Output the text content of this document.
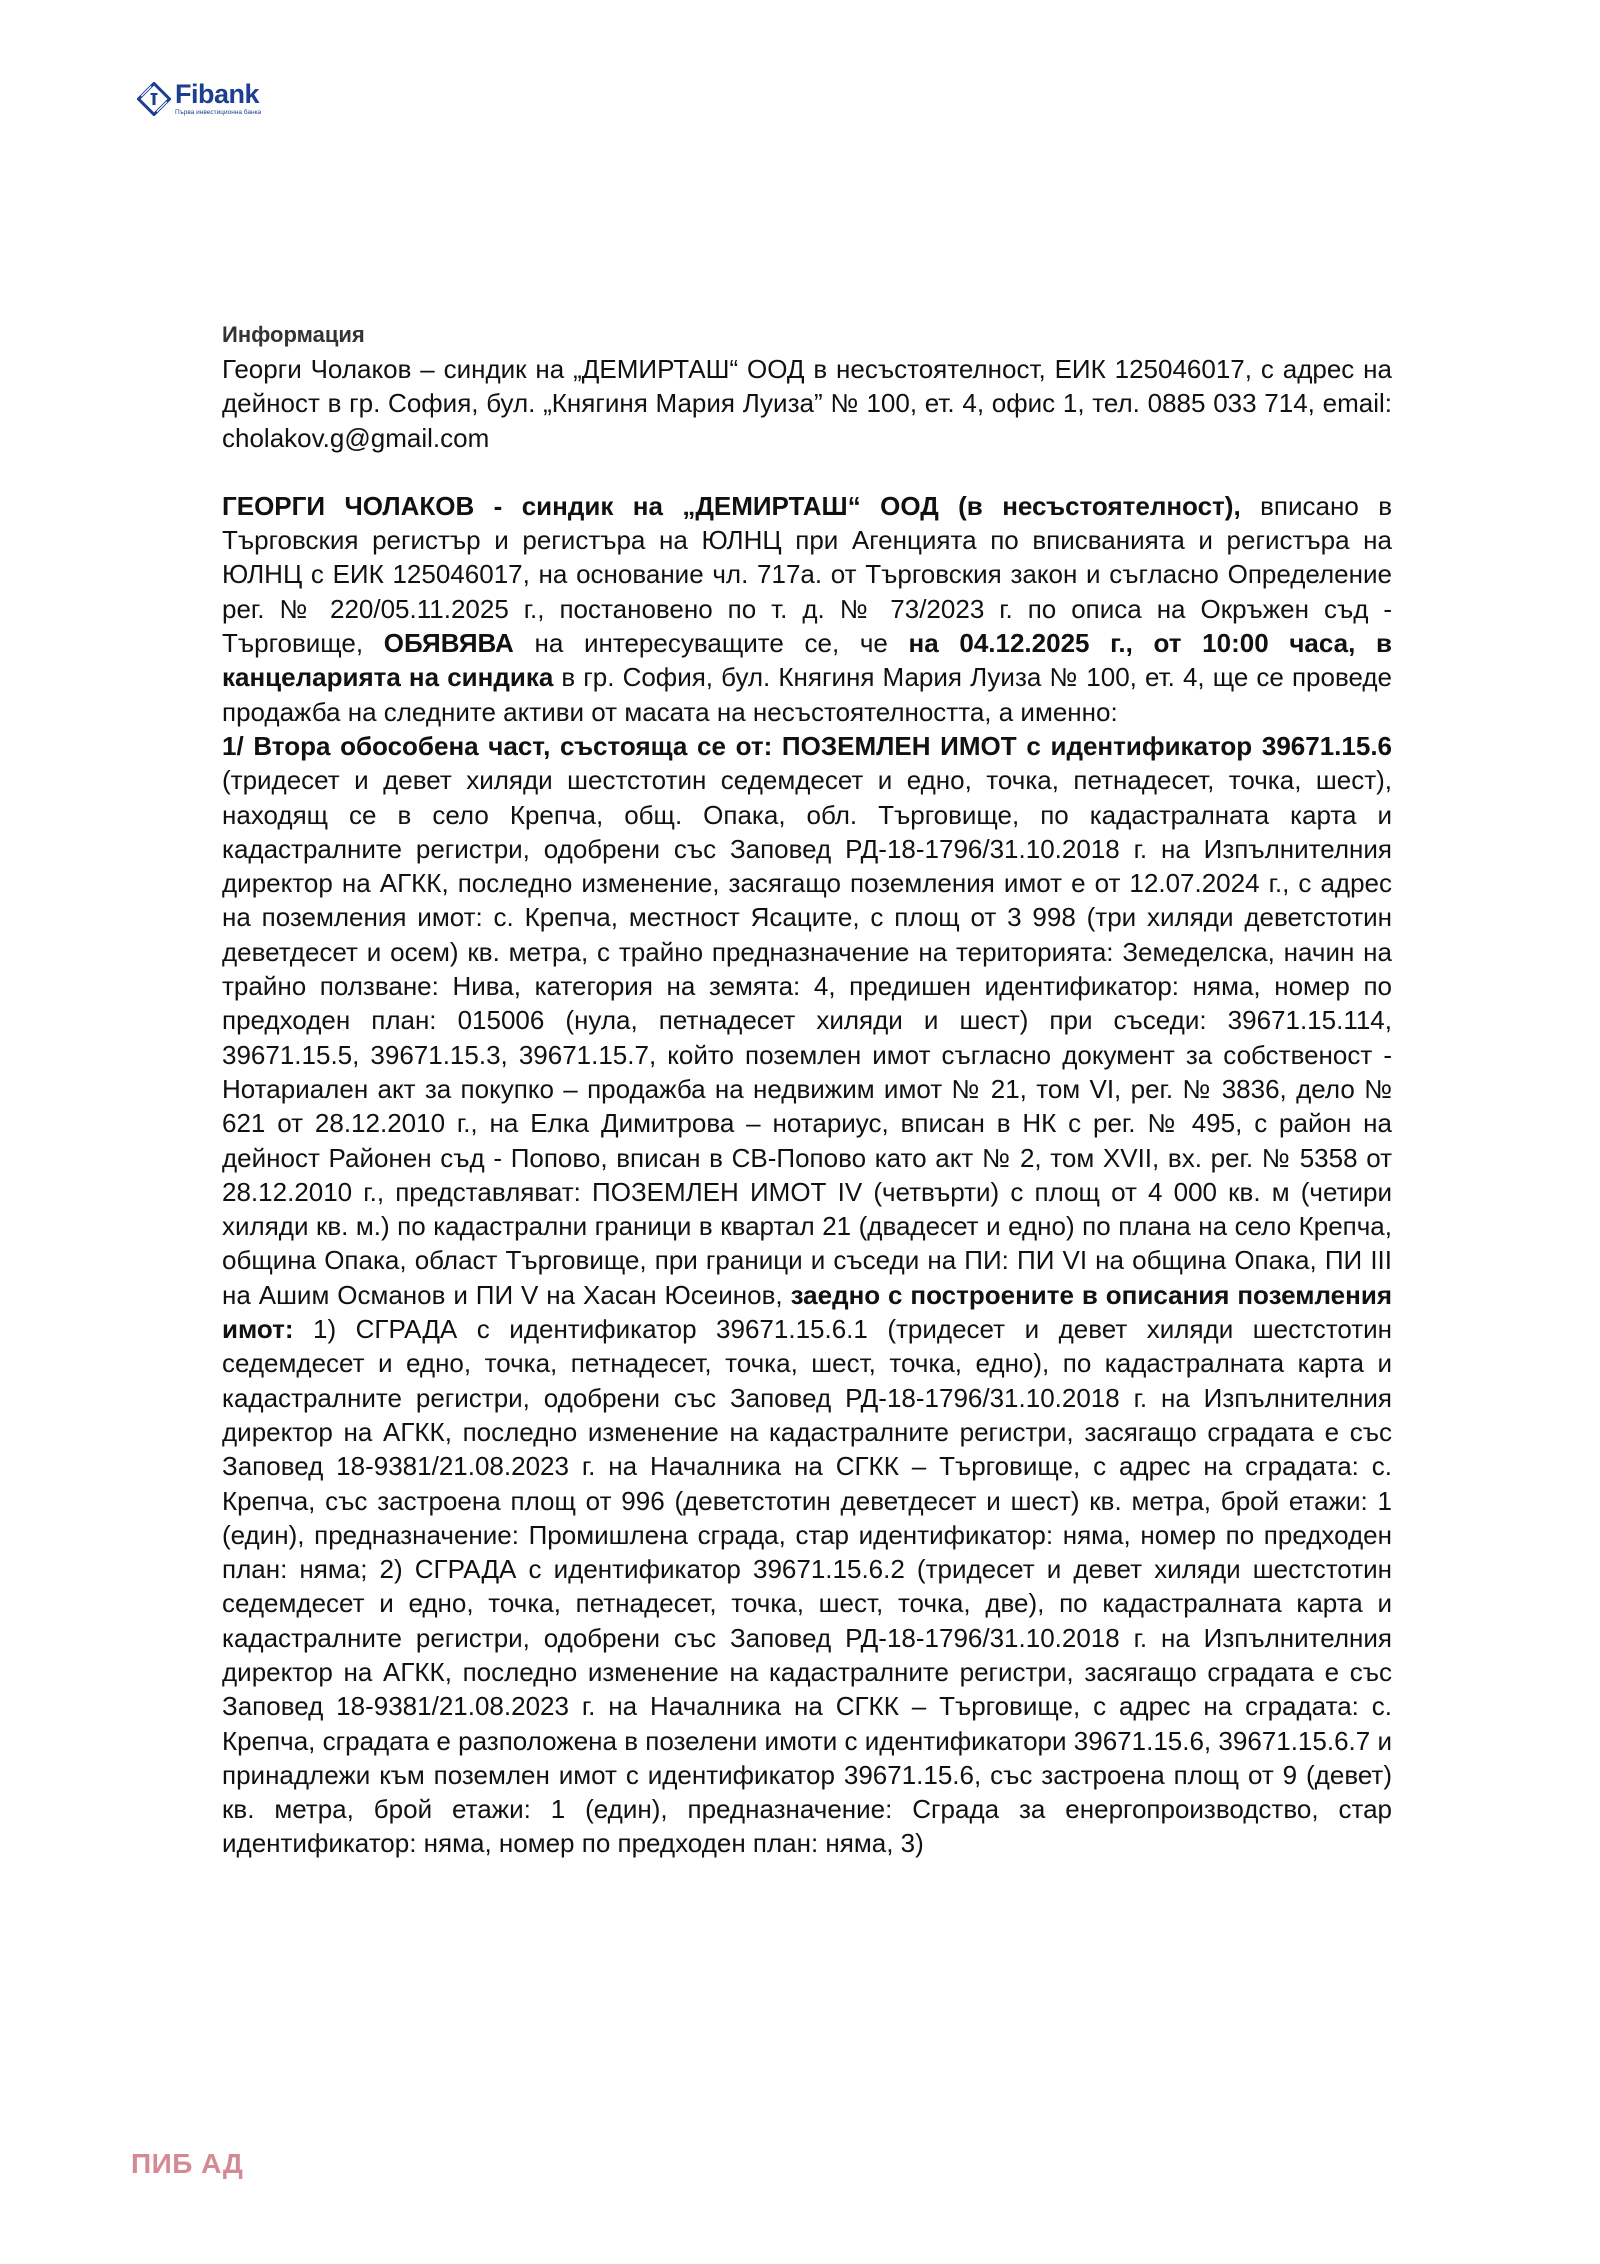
Fibank
Първа инвестиционна банка
Информация

Георги Чолаков – синдик на „ДЕМИРТАШ“ ООД в несъстоятелност, ЕИК 125046017, с адрес на дейност в гр. София, бул. „Княгиня Мария Луиза” № 100, ет. 4, офис 1, тел. 0885 033 714, email: cholakov.g@gmail.com

ГЕОРГИ ЧОЛАКОВ - синдик на „ДЕМИРТАШ“ ООД (в несъстоятелност), вписано в Търговския регистър и регистъра на ЮЛНЦ при Агенцията по вписванията и регистъра на ЮЛНЦ с ЕИК 125046017, на основание чл. 717а. от Търговския закон и съгласно Определение рег. № 220/05.11.2025 г., постановено по т. д. № 73/2023 г. по описа на Окръжен съд - Търговище, ОБЯВЯВА на интересуващите се, че на 04.12.2025 г., от 10:00 часа, в канцеларията на синдика в гр. София, бул. Княгиня Мария Луиза № 100, ет. 4, ще се проведе продажба на следните активи от масата на несъстоятелността, а именно:

1/ Втора обособена част, състояща се от: ПОЗЕМЛЕН ИМОТ с идентификатор 39671.15.6 (тридесет и девет хиляди шестстотин седемдесет и едно, точка, петнадесет, точка, шест), находящ се в село Крепча, общ. Опака, обл. Търговище, по кадастралната карта и кадастралните регистри, одобрени със Заповед РД-18-1796/31.10.2018 г. на Изпълнителния директор на АГКК, последно изменение, засягащо поземления имот е от 12.07.2024 г., с адрес на поземления имот: с. Крепча, местност Ясаците, с площ от 3 998 (три хиляди деветстотин деветдесет и осем) кв. метра, с трайно предназначение на територията: Земеделска, начин на трайно ползване: Нива, категория на земята: 4, предишен идентификатор: няма, номер по предходен план: 015006 (нула, петнадесет хиляди и шест) при съседи: 39671.15.114, 39671.15.5, 39671.15.3, 39671.15.7, който поземлен имот съгласно документ за собственост - Нотариален акт за покупко – продажба на недвижим имот № 21, том VI, рег. № 3836, дело № 621 от 28.12.2010 г., на Елка Димитрова – нотариус, вписан в НК с рег. № 495, с район на дейност Районен съд - Попово, вписан в СВ-Попово като акт № 2, том XVII, вх. рег. № 5358 от 28.12.2010 г., представляват: ПОЗЕМЛЕН ИМОТ IV (четвърти) с площ от 4 000 кв. м (четири хиляди кв. м.) по кадастрални граници в квартал 21 (двадесет и едно) по плана на село Крепча, община Опака, област Търговище, при граници и съседи на ПИ: ПИ VI на община Опака, ПИ III на Ашим Османов и ПИ V на Хасан Юсеинов, заедно с построените в описания поземления имот: 1) СГРАДА с идентификатор 39671.15.6.1 (тридесет и девет хиляди шестстотин седемдесет и едно, точка, петнадесет, точка, шест, точка, едно), по кадастралната карта и кадастралните регистри, одобрени със Заповед РД-18-1796/31.10.2018 г. на Изпълнителния директор на АГКК, последно изменение на кадастралните регистри, засягащо сградата е със Заповед 18-9381/21.08.2023 г. на Началника на СГКК – Търговище, с адрес на сградата: с. Крепча, със застроена площ от 996 (деветстотин деветдесет и шест) кв. метра, брой етажи: 1 (един), предназначение: Промишлена сграда, стар идентификатор: няма, номер по предходен план: няма; 2) СГРАДА с идентификатор 39671.15.6.2 (тридесет и девет хиляди шестстотин седемдесет и едно, точка, петнадесет, точка, шест, точка, две), по кадастралната карта и кадастралните регистри, одобрени със Заповед РД-18-1796/31.10.2018 г. на Изпълнителния директор на АГКК, последно изменение на кадастралните регистри, засягащо сградата е със Заповед 18-9381/21.08.2023 г. на Началника на СГКК – Търговище, с адрес на сградата: с. Крепча, сградата е разположена в позелени имоти с идентификатори 39671.15.6, 39671.15.6.7 и принадлежи към поземлен имот с идентификатор 39671.15.6, със застроена площ от 9 (девет) кв. метра, брой етажи: 1 (един), предназначение: Сграда за енергопроизводство, стар идентификатор: няма, номер по предходен план: няма, 3)

ПИБ АД
